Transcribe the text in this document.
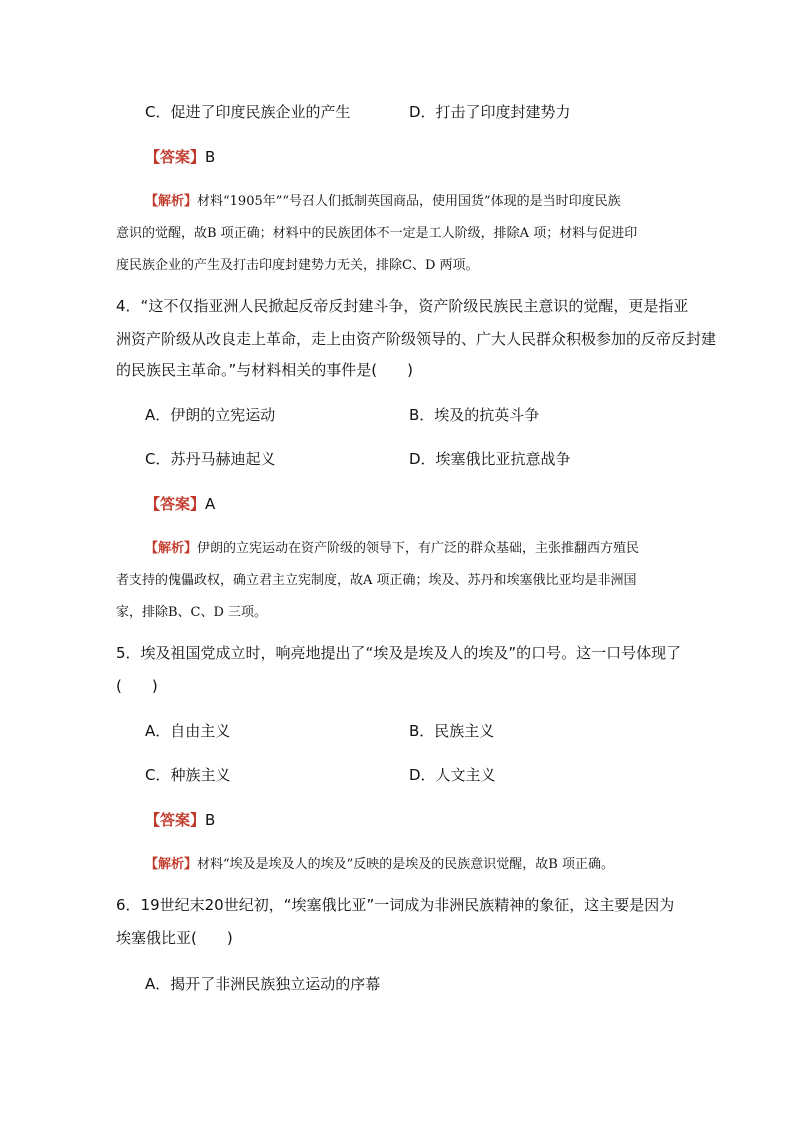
C．促进了印度民族企业的产生	D．打击了印度封建势力
【答案】B
【解析】材料“1905年”“号召人们抵制英国商品，使用国货”体现的是当时印度民族
意识的觉醒，故B 项正确；材料中的民族团体不一定是工人阶级，排除A 项；材料与促进印
度民族企业的产生及打击印度封建势力无关，排除C、D 两项。
4．“这不仅指亚洲人民掀起反帝反封建斗争，资产阶级民族民主意识的觉醒，更是指亚
洲资产阶级从改良走上革命，走上由资产阶级领导的、广大人民群众积极参加的反帝反封建
的民族民主革命。”与材料相关的事件是(　　)
A．伊朗的立宪运动	B．埃及的抗英斗争
C．苏丹马赫迪起义	D．埃塞俄比亚抗意战争
【答案】A
【解析】伊朗的立宪运动在资产阶级的领导下，有广泛的群众基础，主张推翻西方殖民
者支持的傀儡政权，确立君主立宪制度，故A 项正确；埃及、苏丹和埃塞俄比亚均是非洲国
家，排除B、C、D 三项。
5．埃及祖国党成立时，响亮地提出了“埃及是埃及人的埃及”的口号。这一口号体现了
(　　)
A．自由主义	B．民族主义
C．种族主义	D．人文主义
【答案】B
【解析】材料“埃及是埃及人的埃及”反映的是埃及的民族意识觉醒，故B 项正确。
6．19世纪末20世纪初，“埃塞俄比亚”一词成为非洲民族精神的象征，这主要是因为
埃塞俄比亚(　　)
A．揭开了非洲民族独立运动的序幕
